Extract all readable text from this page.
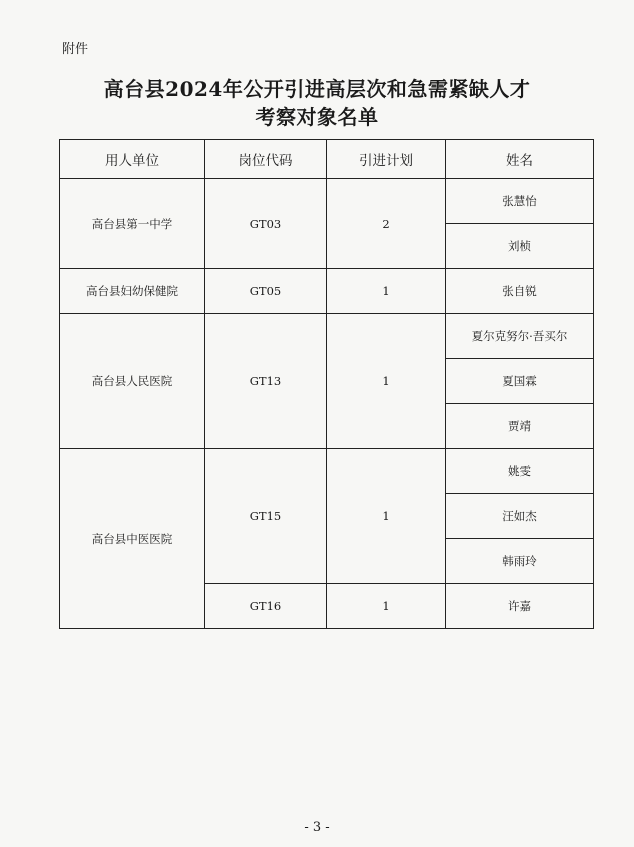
附件
高台县2024年公开引进高层次和急需紧缺人才
考察对象名单
用人单位	岗位代码	引进计划	姓名
高台县第一中学	GT03	2	张慧怡
			刘桢
高台县妇幼保健院	GT05	1	张自锐
高台县人民医院	GT13	1	夏尔克努尔·吾买尔
			夏国霖
			贾靖
高台县中医医院	GT15	1	姚雯
			汪如杰
			韩雨玲
	GT16	1	许嘉
- 3 -
